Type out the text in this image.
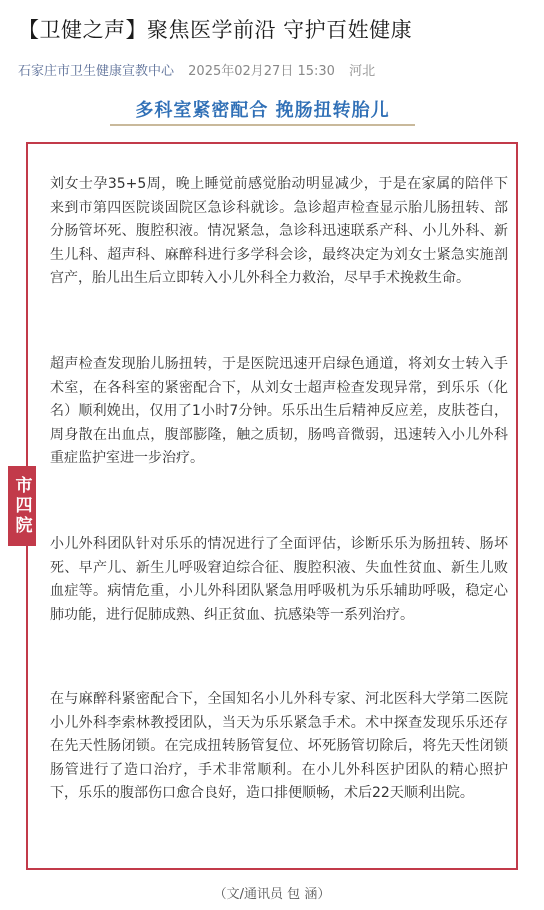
【卫健之声】聚焦医学前沿 守护百姓健康
石家庄市卫生健康宣教中心 2025年02月27日 15:30 河北
多科室紧密配合 挽肠扭转胎儿
刘女士孕35+5周，晚上睡觉前感觉胎动明显减少，于是在家属的陪伴下来到市第四医院谈固院区急诊科就诊。急诊超声检查显示胎儿肠扭转、部分肠管坏死、腹腔积液。情况紧急，急诊科迅速联系产科、小儿外科、新生儿科、超声科、麻醉科进行多学科会诊，最终决定为刘女士紧急实施剖宫产，胎儿出生后立即转入小儿外科全力救治，尽早手术挽救生命。
超声检查发现胎儿肠扭转，于是医院迅速开启绿色通道，将刘女士转入手术室，在各科室的紧密配合下，从刘女士超声检查发现异常，到乐乐（化名）顺利娩出，仅用了1小时7分钟。乐乐出生后精神反应差，皮肤苍白，周身散在出血点，腹部膨隆，触之质韧，肠鸣音微弱，迅速转入小儿外科重症监护室进一步治疗。
小儿外科团队针对乐乐的情况进行了全面评估，诊断乐乐为肠扭转、肠坏死、早产儿、新生儿呼吸窘迫综合征、腹腔积液、失血性贫血、新生儿败血症等。病情危重，小儿外科团队紧急用呼吸机为乐乐辅助呼吸，稳定心肺功能，进行促肺成熟、纠正贫血、抗感染等一系列治疗。
在与麻醉科紧密配合下，全国知名小儿外科专家、河北医科大学第二医院小儿外科李索林教授团队，当天为乐乐紧急手术。术中探查发现乐乐还存在先天性肠闭锁。在完成扭转肠管复位、坏死肠管切除后，将先天性闭锁肠管进行了造口治疗，手术非常顺利。在小儿外科医护团队的精心照护下，乐乐的腹部伤口愈合良好，造口排便顺畅，术后22天顺利出院。
市四院
（文/通讯员 包 涵）
